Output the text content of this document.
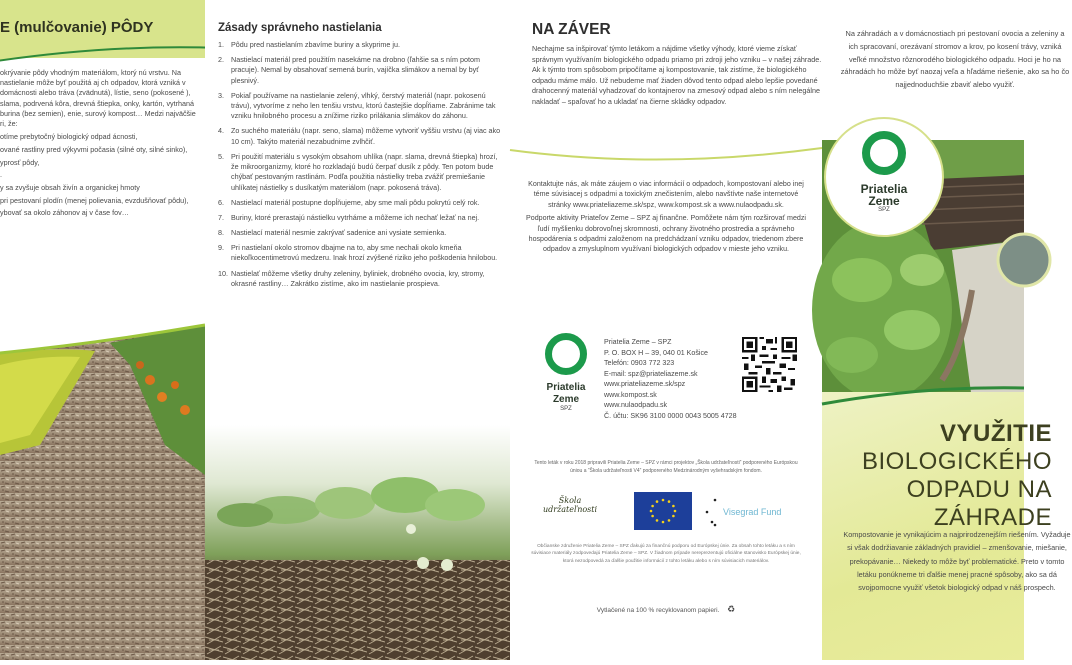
E (mulčovanie) PÔDY

okrývanie pôdy vhodným materiálom, ktorý nú vrstvu. Na nastielanie môže byť použitá aj ch odpadov, ktorá vzniká v domácnosti alebo tráva (zvädnutá), lístie, seno (pokosené ), slama, podrvená kôra, drevná štiepka, onky, kartón, vytrhaná burina (bez semien), enie, surový kompost… Medzi najväčšie ri, že:

otíme prebytočný biologický odpad ácnosti,
ované rastliny pred výkyvmi počasia (silné oty, silné sinko),
yprosť pôdy,
.
y sa zvyšuje obsah živín a organickej hmoty
pri pestovaní plodín (menej polievania, evzdušňovať pôdu),
ybovať sa okolo záhonov aj v čase fov…
Zásady správneho nastielania
1. Pôdu pred nastielaním zbavíme buriny a skyprime ju.
2. Nastielací materiál pred použitím nasekáme na drobno (ľahšie sa s ním potom pracuje). Nemal by obsahovať semená burín, vajíčka slimákov a nemal by byť plesnivý.
3. Pokiaľ používame na nastielanie zelený, vlhký, čerstvý materiál (napr. pokosenú trávu), vytvoríme z neho len tenšiu vrstvu, ktorú častejšie dopĺňame. Zabránime tak vzniku hnilobného procesu a znížime riziko prilákania slimákov do záhonu.
4. Zo suchého materiálu (napr. seno, slama) môžeme vytvoriť vyššiu vrstvu (aj viac ako 10 cm). Takýto materiál nezabudnime zvlhčiť.
5. Pri použití materiálu s vysokým obsahom uhlíka (napr. slama, drevná štiepka) hrozí, že mikroorganizmy, ktoré ho rozkladajú budú čerpať dusík z pôdy. Ten potom bude chýbať pestovaným rastlinám. Podľa použitia nástielky treba zvážiť premiešanie uhlíkatej nástielky s dusíkatým materiálom (napr. pokosená tráva).
6. Nastielací materiál postupne dopĺňujeme, aby sme mali pôdu pokrytú celý rok.
7. Buriny, ktoré prerastajú nástielku vytrháme a môžeme ich nechať ležať na nej.
8. Nastielací materiál nesmie zakrývať sadenice ani vysiate semienka.
9. Pri nastielaní okolo stromov dbajme na to, aby sme nechali okolo kmeňa niekoľkocentimetrovú medzeru. Inak hrozí zvýšené riziko jeho poškodenia hnilobou.
10. Nastielať môžeme všetky druhy zeleniny, byliniek, drobného ovocia, kry, stromy, okrasné rastliny… Zakrátko zistíme, ako im nastielanie prospieva.
NA ZÁVER
Nechajme sa inšpirovať týmto letákom a nájdime všetky výhody, ktoré vieme získať správnym využívaním biologického odpadu priamo pri zdroji jeho vzniku – v našej záhrade. Ak k týmto trom spôsobom pripočítame aj kompostovanie, tak zistíme, že biologického odpadu máme málo. Už nebudeme mať žiaden dôvod tento odpad alebo lepšie povedané drahocenný materiál vyhadzovať do kontajnerov na zmesový odpad alebo s ním nelegálne nakladať – spaľovať ho a ukladať na čierne skládky odpadov.

Kontaktujte nás, ak máte záujem o viac informácií o odpadoch, kompostovaní alebo inej téme súvisiacej s odpadmi a toxickým znečistením, alebo navštívte naše internetové stránky www.priateliazeme.sk/spz, www.kompost.sk a www.nulaodpadu.sk.

Podporte aktivity Priateľov Zeme – SPZ aj finančne. Pomôžete nám tým rozširovať medzi ľudí myšlienku dobrovoľnej skromnosti, ochrany životného prostredia a správneho hospodárenia s odpadmi založenom na predchádzaní vzniku odpadov, triedenom zbere odpadov a zmysluplnom využívaní biologických odpadov v mieste jeho vzniku.

Priatelia
Zeme
SPZ
Priatelia Zeme – SPZ
P. O. BOX H – 39, 040 01 Košice
Telefón: 0903 772 323
E-mail: spz@priateliazeme.sk
www.priateliazeme.sk/spz
www.kompost.sk
www.nulaodpadu.sk
Č. účtu: SK96 3100 0000 0043 5005 4728
Tento leták v roku 2018 pripravili Priatelia Zeme – SPZ v rámci projektov „Škola udržateľnosti“ podporeného Európskou úniou a “Škola udržateľnosti V4” podporeného Medzinárodným vyšehradským fondom.
Škola udržateľnosti	Visegrad Fund
Občianske združenie Priatelia Zeme – SPZ ďakujú za finančnú podporu od Európskej únie. Za obsah tohto letáku a s ním súvisiace materiály zodpovedajú Priatelia Zeme – SPZ. V žiadnom prípade nereprezentujú oficiálne stanovisko Európskej únie, ktorá nezodpovedá za ďalšie použitie informácií z tohto letáku alebo s ním súvisiacich materiálov.
Vytlačené na 100 % recyklovanom papieri. ♻
Na záhradách a v domácnostiach pri pestovaní ovocia a zeleniny a ich spracovaní, orezávaní stromov a krov, po kosení trávy, vzniká veľké množstvo rôznorodého biologického odpadu. Hoci je ho na záhradách ho môže byť naozaj veľa a hľadáme riešenie, ako sa ho čo najjednoduchšie zbaviť alebo využiť.
Priatelia
Zeme
SPZ
VYUŽITIE
BIOLOGICKÉHO
ODPADU NA ZÁHRADE
Kompostovanie je vynikajúcim a najprirodzenejším riešením. Vyžaduje si však dodržiavanie základných pravidiel – zmenšovanie, miešanie, prekopávanie… Niekedy to môže byť problematické. Preto v tomto letáku ponúkneme tri ďalšie menej pracné spôsoby, ako sa dá svojpomocne využiť všetok biologický odpad v náš prospech.
